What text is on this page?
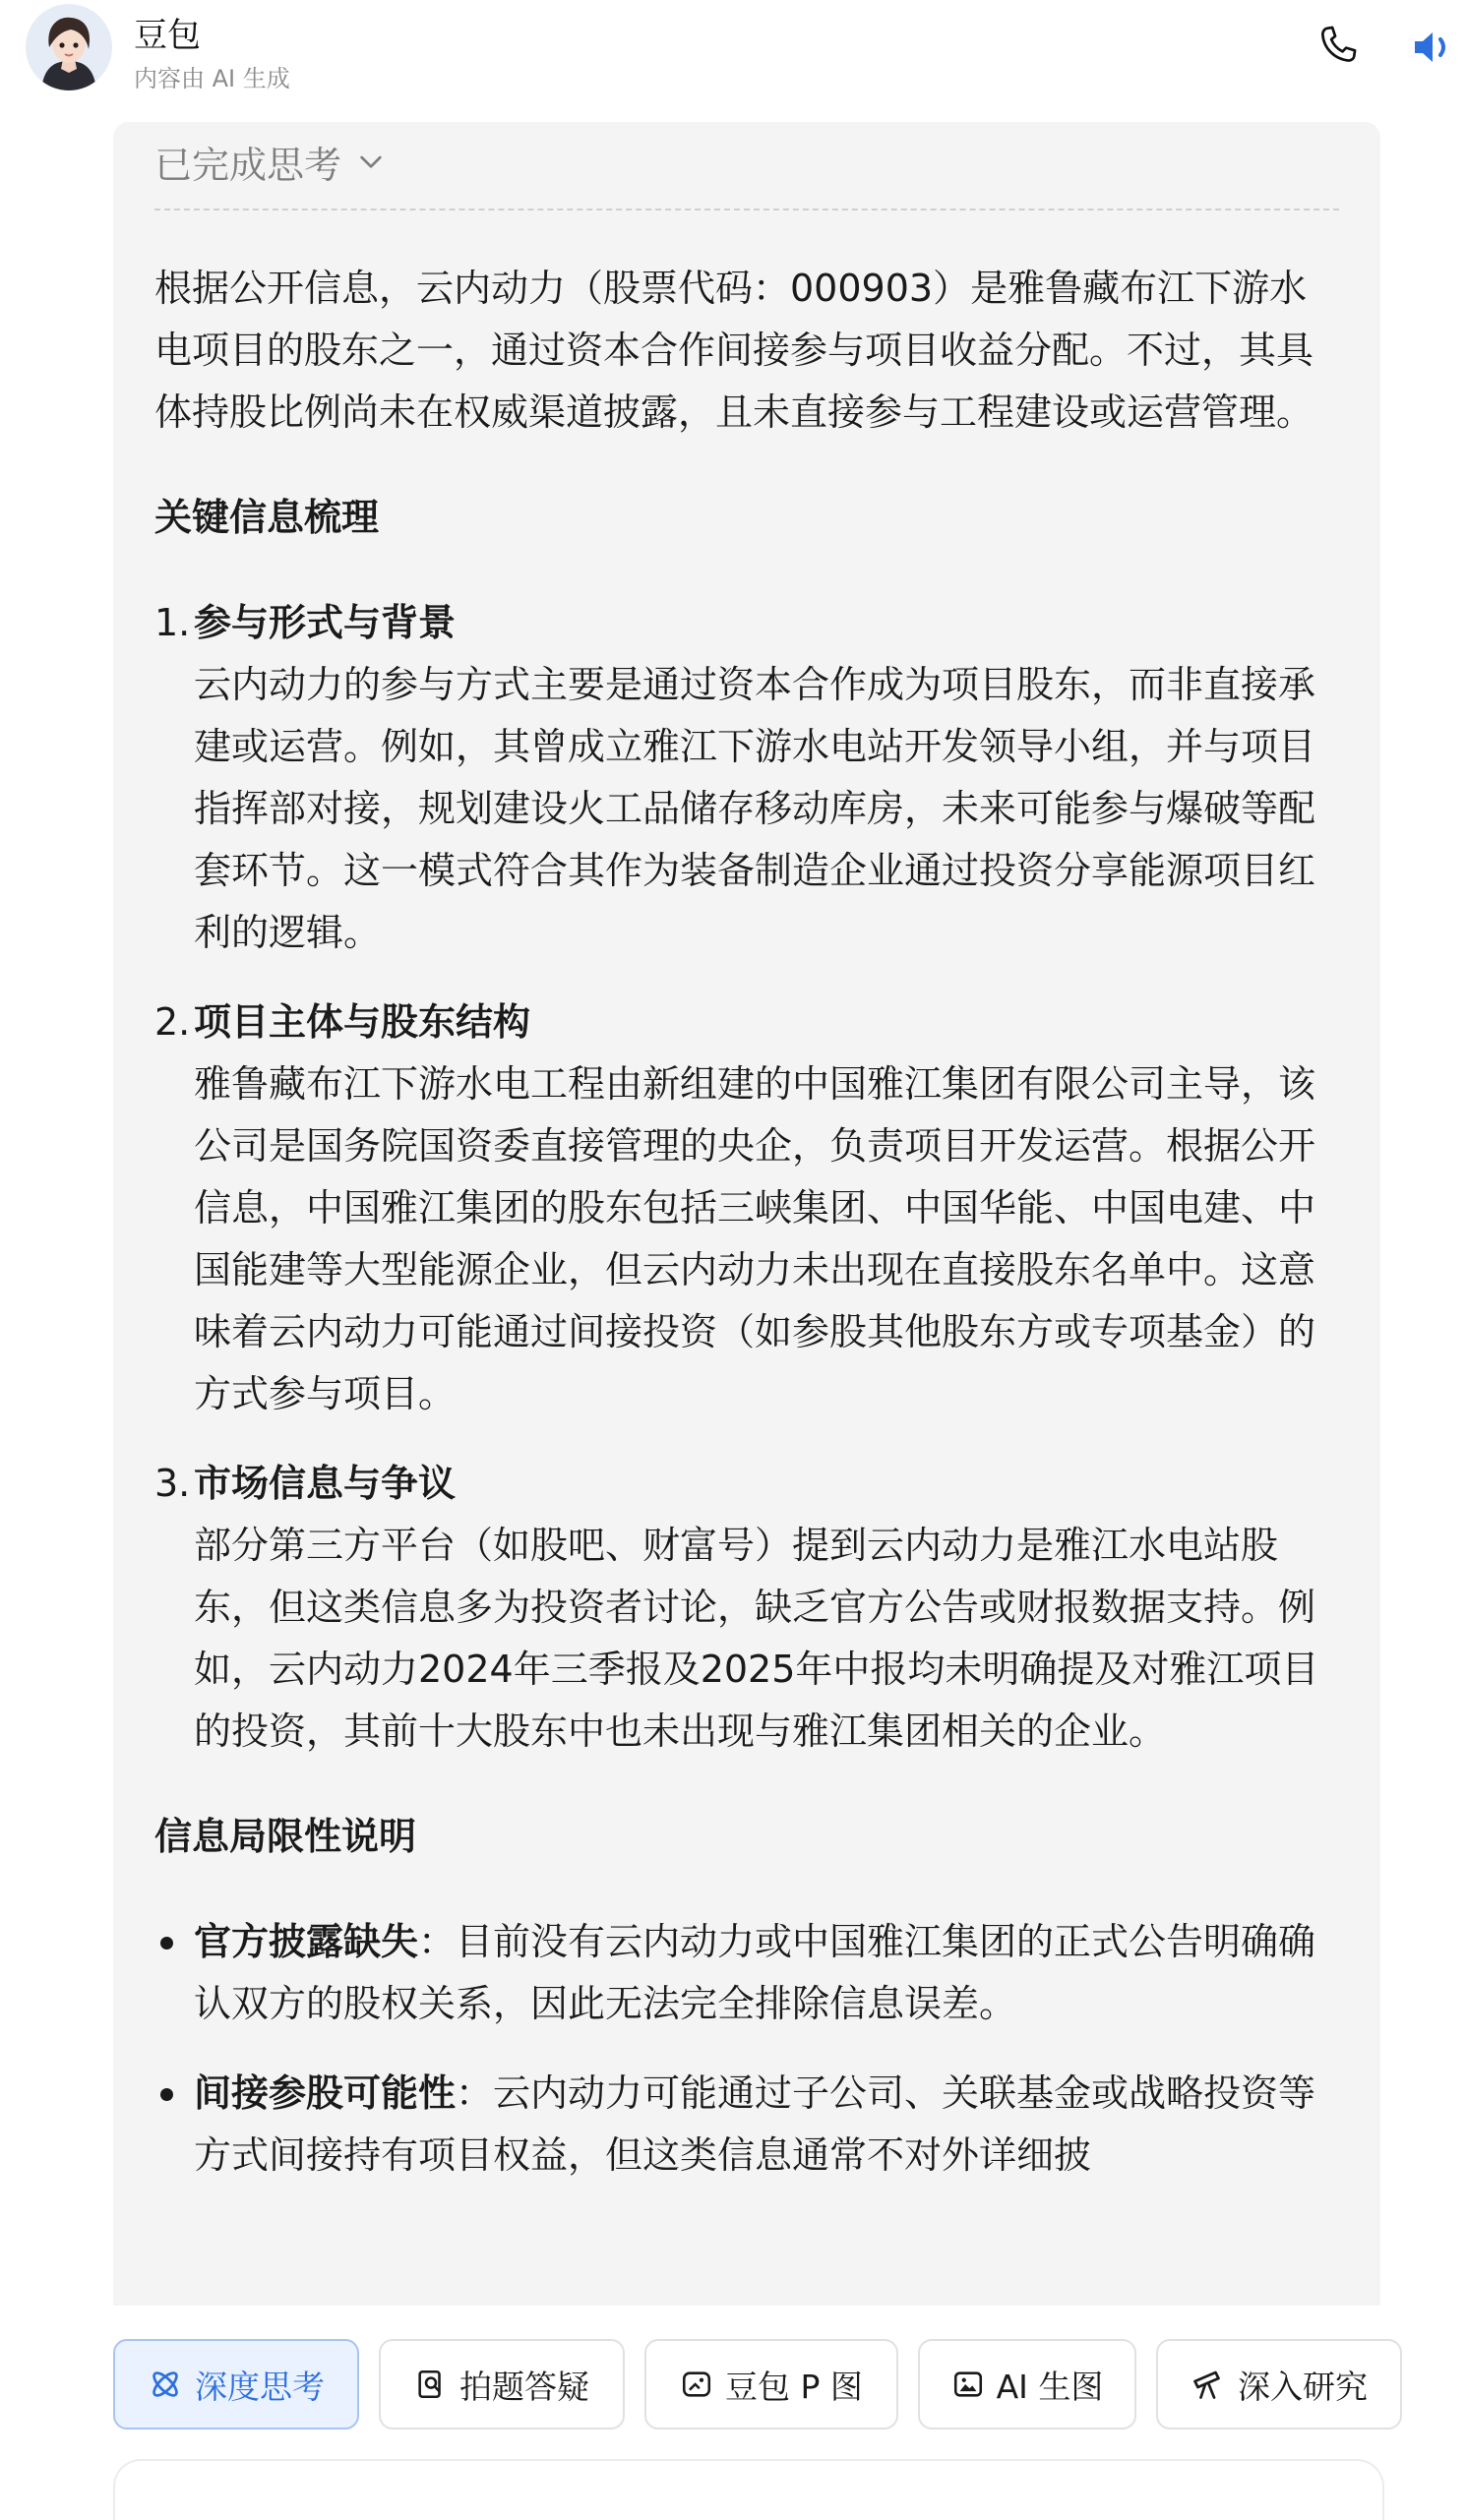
豆包
内容由 AI 生成
已完成思考

根据公开信息，云内动力（股票代码：000903）是雅鲁藏布江下游水电项目的股东之一，通过资本合作间接参与项目收益分配。不过，其具体持股比例尚未在权威渠道披露，且未直接参与工程建设或运营管理。

关键信息梳理

1. 参与形式与背景
云内动力的参与方式主要是通过资本合作成为项目股东，而非直接承建或运营。例如，其曾成立雅江下游水电站开发领导小组，并与项目指挥部对接，规划建设火工品储存移动库房，未来可能参与爆破等配套环节。这一模式符合其作为装备制造企业通过投资分享能源项目红利的逻辑。
2. 项目主体与股东结构
雅鲁藏布江下游水电工程由新组建的中国雅江集团有限公司主导，该公司是国务院国资委直接管理的央企，负责项目开发运营。根据公开信息，中国雅江集团的股东包括三峡集团、中国华能、中国电建、中国能建等大型能源企业，但云内动力未出现在直接股东名单中。这意味着云内动力可能通过间接投资（如参股其他股东方或专项基金）的方式参与项目。
3. 市场信息与争议
部分第三方平台（如股吧、财富号）提到云内动力是雅江水电站股东，但这类信息多为投资者讨论，缺乏官方公告或财报数据支持。例如，云内动力2024年三季报及2025年中报均未明确提及对雅江项目的投资，其前十大股东中也未出现与雅江集团相关的企业。

信息局限性说明

官方披露缺失：目前没有云内动力或中国雅江集团的正式公告明确确认双方的股权关系，因此无法完全排除信息误差。
间接参股可能性：云内动力可能通过子公司、关联基金或战略投资等方式间接持有项目权益，但这类信息通常不对外详细披
深度思考	拍题答疑	豆包 P 图	AI 生图	深入研究
